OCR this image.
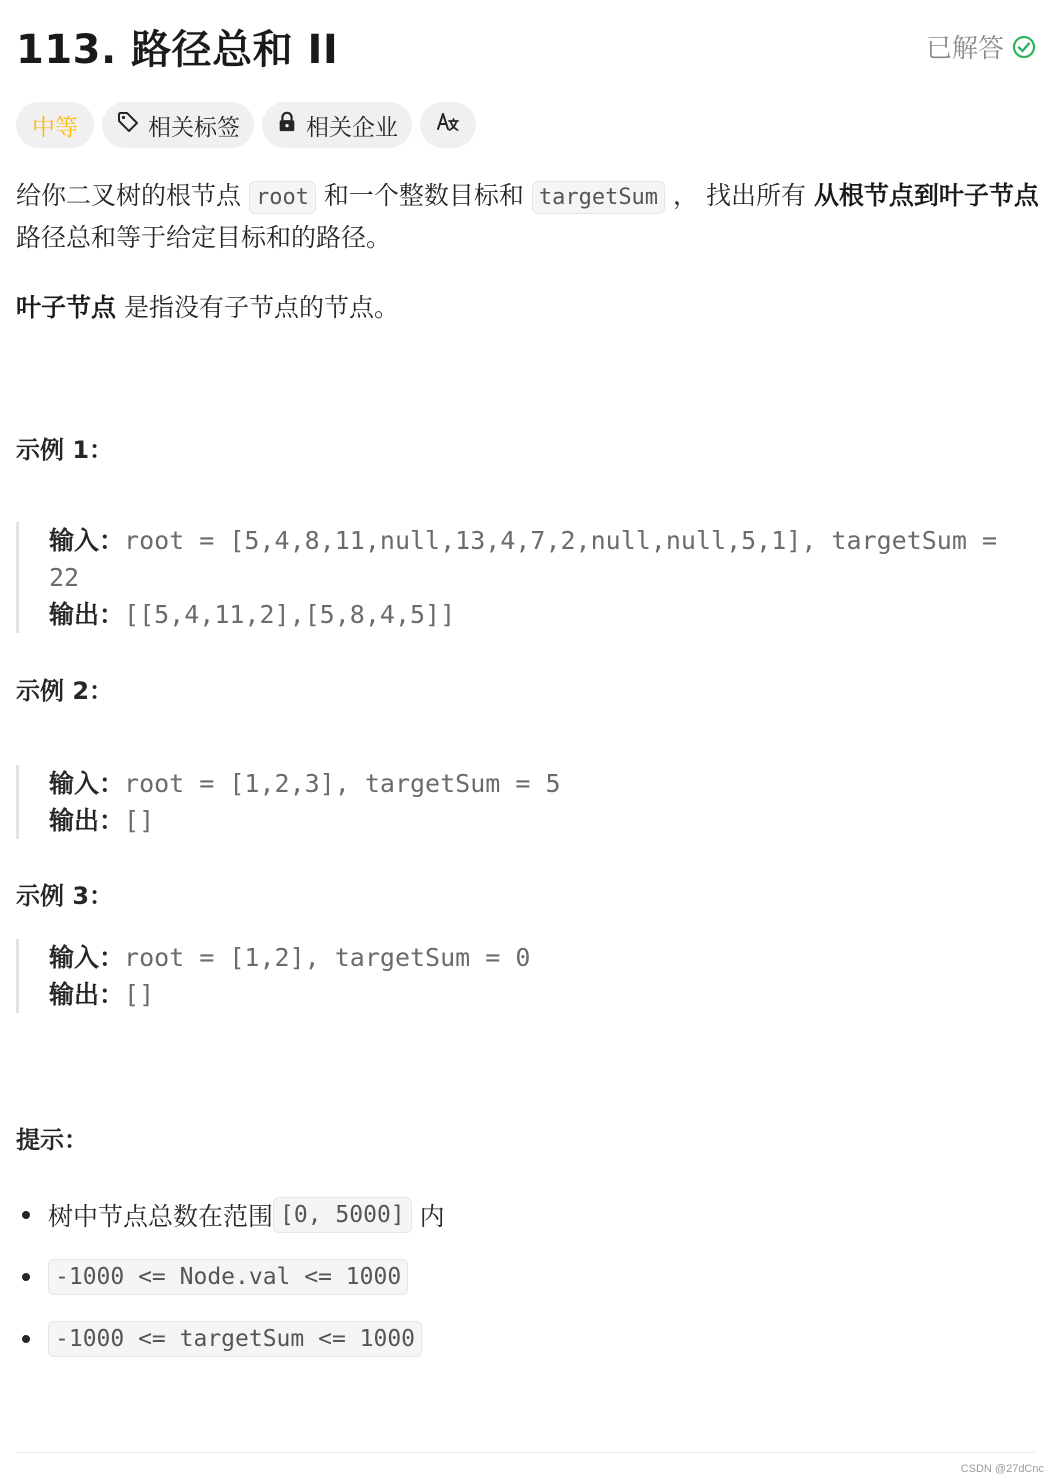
113. 路径总和 II	已解答
中等	相关标签	相关企业

给你二叉树的根节点 root 和一个整数目标和 targetSum ， 找出所有 从根节点到叶子节点 路径总和等于给定目标和的路径。

叶子节点 是指没有子节点的节点。
示例 1：
输入：root = [5,4,8,11,null,13,4,7,2,null,null,5,1], targetSum = 22
输出：[[5,4,11,2],[5,8,4,5]]
示例 2：
输入：root = [1,2,3], targetSum = 5
输出：[]
示例 3：
输入：root = [1,2], targetSum = 0
输出：[]
提示：
树中节点总数在范围 [0, 5000] 内
-1000 <= Node.val <= 1000
-1000 <= targetSum <= 1000
CSDN @27dCnc
